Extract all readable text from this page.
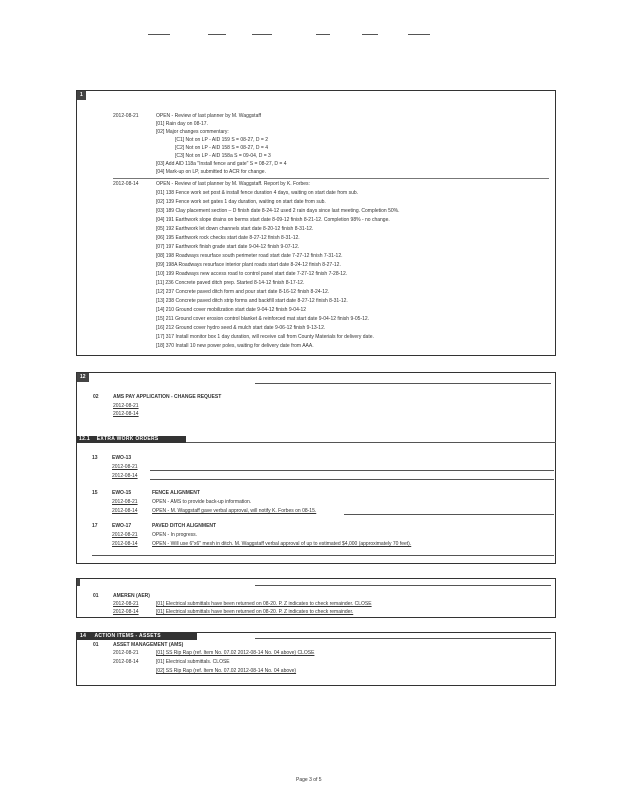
1
2012-08-21	OPEN - Review of last planner by M. Waggstaff
[01] Rain day on 08-17.
[02] Major changes commentary:
[C1] Not on LP - AID 159 S = 08-27, D = 2
[C2] Not on LP - AID 158 S = 08-27, D = 4
[C3] Not on LP - AID 158a S = 09-04, D = 3
[03] Add AID 118a "Install fence and gate" S = 08-27, D = 4
[04] Mark-up on LP, submitted to ACR for change.
2012-08-14	OPEN - Review of last planner by M. Waggstaff. Report by K. Forbes:
[01] 138 Fence work set post & install fence duration 4 days, waiting on start date from sub.
[02] 139 Fence work set gates 1 day duration, waiting on start date from sub.
[03] 189 Clay placement section – D finish date 8-24-12 used 2 rain days since last meeting. Completion 50%.
[04] 191 Earthwork slope drains on berms start date 8-09-12 finish 8-21-12. Completion 98% - no change.
[05] 192 Earthwork let down channels start date 8-20-12 finish 8-31-12.
[06] 195 Earthwork rock checks start date 8-27-12 finish 8-31-12.
[07] 197 Earthwork finish grade start date 9-04-12 finish 9-07-12.
[08] 198 Roadways resurface south perimeter road start date 7-27-12 finish 7-31-12.
[09] 198A Roadways resurface interior plant roads start date 8-24-12 finish 8-27-12.
[10] 199 Roadways new access road to control panel start date 7-27-12 finish 7-28-12.
[11] 236 Concrete paved ditch prep. Started 8-14-12 finish 8-17-12.
[12] 237 Concrete paved ditch form and pour start date 8-16-12 finish 8-24-12.
[13] 238 Concrete paved ditch strip forms and backfill start date 8-27-12 finish 8-31-12.
[14] 210 Ground cover mobilization start date 9-04-12 finish 9-04-12
[15] 211 Ground cover erosion control blanket & reinforced mat start date 9-04-12 finish 9-05-12.
[16] 212 Ground cover hydro seed & mulch start date 9-06-12 finish 9-13-12.
[17] 317 Install monitor box 1 day duration, will receive call from County Materials for delivery date.
[18] 370 Install 10 new power poles, waiting for delivery date from AAA.
12
02	AMS PAY APPLICATION - CHANGE REQUEST
2012-08-21
2012-08-14
12.1 EXTRA WORK ORDERS
13	EWO-13
2012-08-21
2012-08-14
15	EWO-15	FENCE ALIGNMENT
2012-08-21	OPEN - AMS to provide back-up information.
2012-08-14	OPEN - M. Waggstaff gave verbal approval, will notify K. Forbes on 08-15.
17	EWO-17	PAVED DITCH ALIGNMENT
2012-08-21	OPEN - In progress.
2012-08-14	OPEN - Will use 6"x6" mesh in ditch. M. Waggstaff verbal approval of up to estimated $4,000 (approximately 70 feet).
01	AMEREN (AER)
2012-08-21	[01] Electrical submittals have been returned on 08-20. P. Z indicates to check remainder. CLOSE
2012-08-14	[01] Electrical submittals have been returned on 08-20. P. Z indicates to check remainder.
14 ACTION ITEMS - ASSETS
01	ASSET MANAGEMENT (AMS)
2012-08-21	[01] SS Rip Rap (ref. Item No. 07.02 2012-08-14 No. 04 above) CLOSE
2012-08-14	[01] Electrical submittals. CLOSE
[02] SS Rip Rap (ref. Item No. 07.02 2012-08-14 No. 04 above)
Page 3 of 5
